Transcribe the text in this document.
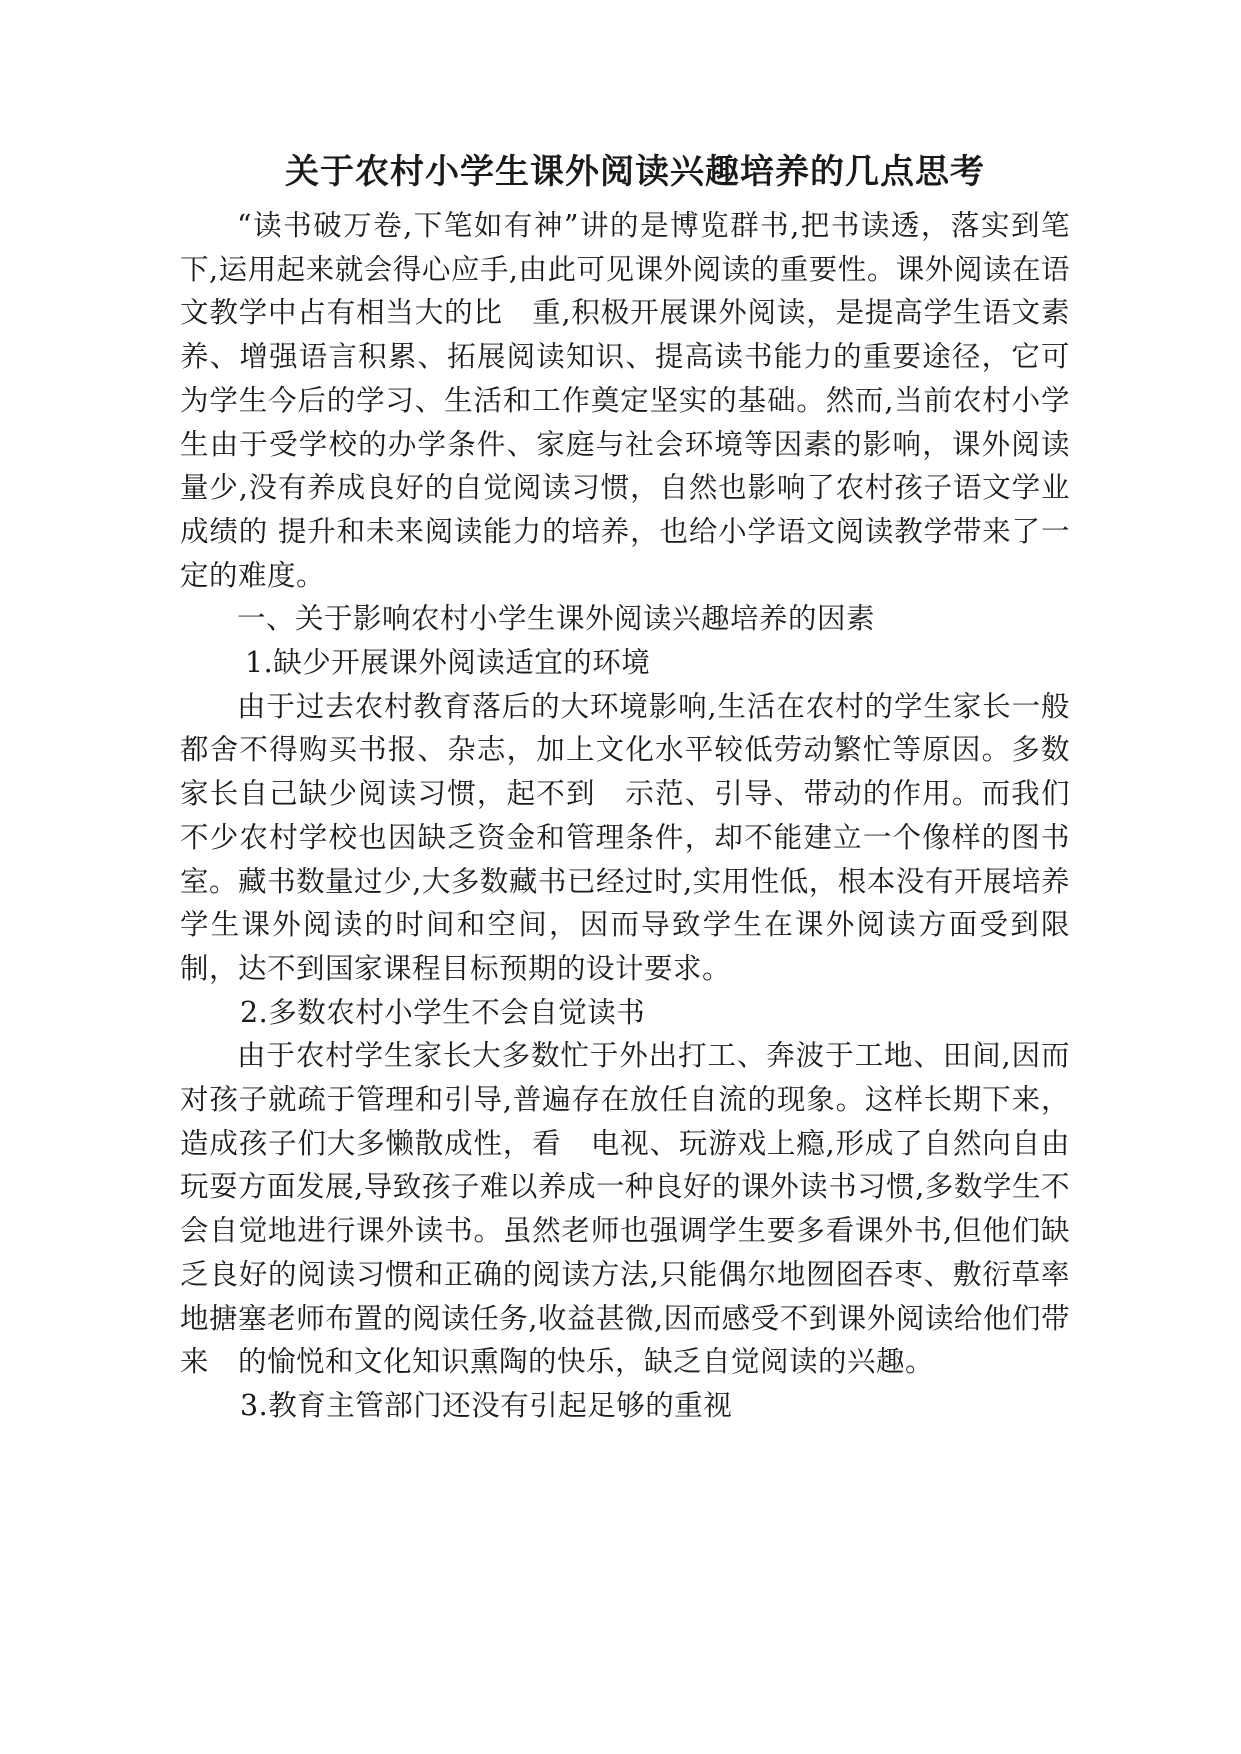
关于农村小学生课外阅读兴趣培养的几点思考

“读书破万卷,下笔如有神”讲的是博览群书,把书读透，落实到笔下,运用起来就会得心应手,由此可见课外阅读的重要性。课外阅读在语文教学中占有相当大的比　重,积极开展课外阅读，是提高学生语文素养、增强语言积累、拓展阅读知识、提高读书能力的重要途径，它可为学生今后的学习、生活和工作奠定坚实的基础。然而,当前农村小学生由于受学校的办学条件、家庭与社会环境等因素的影响，课外阅读量少,没有养成良好的自觉阅读习惯，自然也影响了农村孩子语文学业成绩的 提升和未来阅读能力的培养，也给小学语文阅读教学带来了一定的难度。

一、关于影响农村小学生课外阅读兴趣培养的因素

1.缺少开展课外阅读适宜的环境

由于过去农村教育落后的大环境影响,生活在农村的学生家长一般都舍不得购买书报、杂志，加上文化水平较低劳动繁忙等原因。多数家长自己缺少阅读习惯，起不到　示范、引导、带动的作用。而我们不少农村学校也因缺乏资金和管理条件，却不能建立一个像样的图书室。藏书数量过少,大多数藏书已经过时,实用性低，根本没有开展培养学生课外阅读的时间和空间，因而导致学生在课外阅读方面受到限制，达不到国家课程目标预期的设计要求。

2.多数农村小学生不会自觉读书

由于农村学生家长大多数忙于外出打工、奔波于工地、田间,因而对孩子就疏于管理和引导,普遍存在放任自流的现象。这样长期下来，造成孩子们大多懒散成性，看　电视、玩游戏上瘾,形成了自然向自由玩耍方面发展,导致孩子难以养成一种良好的课外读书习惯,多数学生不会自觉地进行课外读书。虽然老师也强调学生要多看课外书,但他们缺乏良好的阅读习惯和正确的阅读方法,只能偶尔地囫囵吞枣、敷衍草率地搪塞老师布置的阅读任务,收益甚微,因而感受不到课外阅读给他们带来　的愉悦和文化知识熏陶的快乐，缺乏自觉阅读的兴趣。

3.教育主管部门还没有引起足够的重视
